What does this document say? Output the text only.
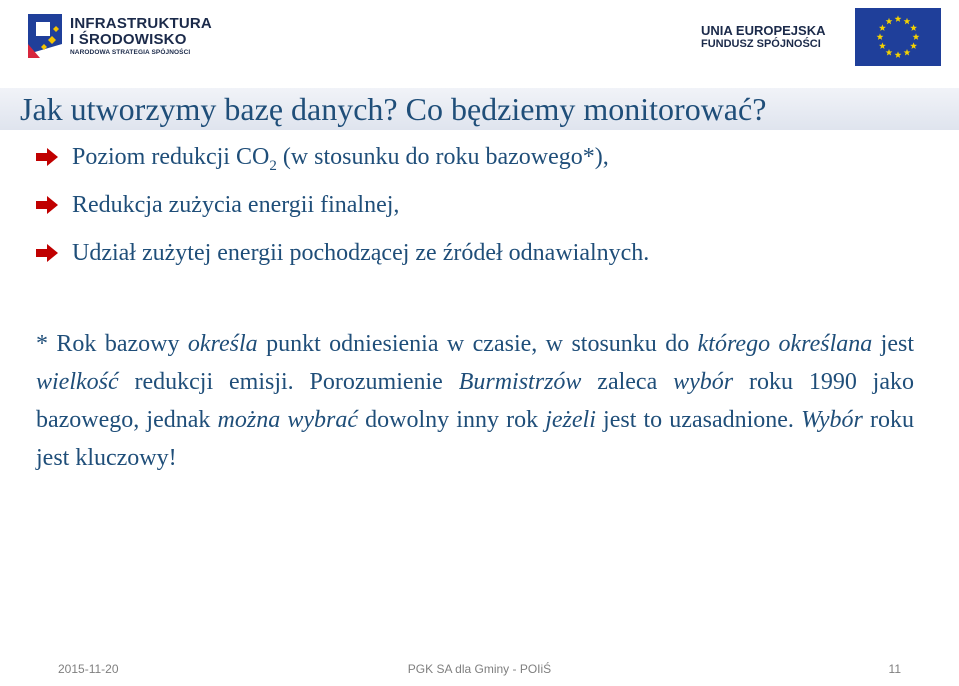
INFRASTRUKTURA
I ŚRODOWISKO
NARODOWA STRATEGIA SPÓJNOŚCI
UNIA EUROPEJSKA
FUNDUSZ SPÓJNOŚCI
Jak utworzymy bazę danych? Co będziemy monitorować?
Poziom redukcji $CO_2$ (w stosunku do roku bazowego*),
Redukcja zużycia energii finalnej,
Udział zużytej energii pochodzącej ze źródeł odnawialnych.
* Rok bazowy określa punkt odniesienia w czasie, w stosunku do którego określana jest wielkość redukcji emisji. Porozumienie Burmistrzów zaleca wybór roku 1990 jako bazowego, jednak można wybrać dowolny inny rok jeżeli jest to uzasadnione. Wybór roku jest kluczowy!
2015-11-20	PGK SA dla Gminy - POIiŚ	11
